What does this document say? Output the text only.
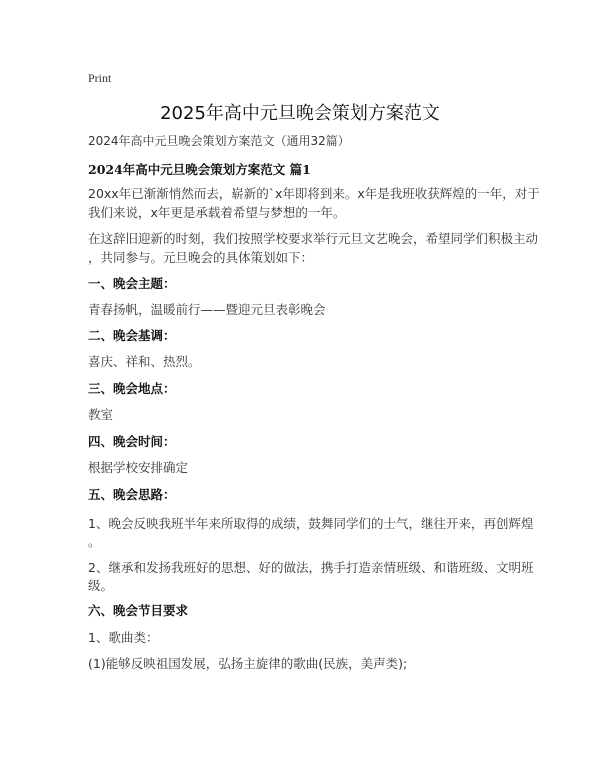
Print
2025年高中元旦晚会策划方案范文
2024年高中元旦晚会策划方案范文（通用32篇）
2024年高中元旦晚会策划方案范文 篇1
20xx年已渐渐悄然而去，崭新的`x年即将到来。x年是我班收获辉煌的一年，对于
我们来说，x年更是承载着希望与梦想的一年。
在这辞旧迎新的时刻，我们按照学校要求举行元旦文艺晚会，希望同学们积极主动
，共同参与。元旦晚会的具体策划如下：
一、晚会主题：
青春扬帆，温暖前行——暨迎元旦表彰晚会
二、晚会基调：
喜庆、祥和、热烈。
三、晚会地点：
教室
四、晚会时间：
根据学校安排确定
五、晚会思路：
1、晚会反映我班半年来所取得的成绩，鼓舞同学们的士气，继往开来，再创辉煌
。
2、继承和发扬我班好的思想、好的做法，携手打造亲情班级、和谐班级、文明班
级。
六、晚会节目要求
1、歌曲类：
(1)能够反映祖国发展，弘扬主旋律的歌曲(民族，美声类);
